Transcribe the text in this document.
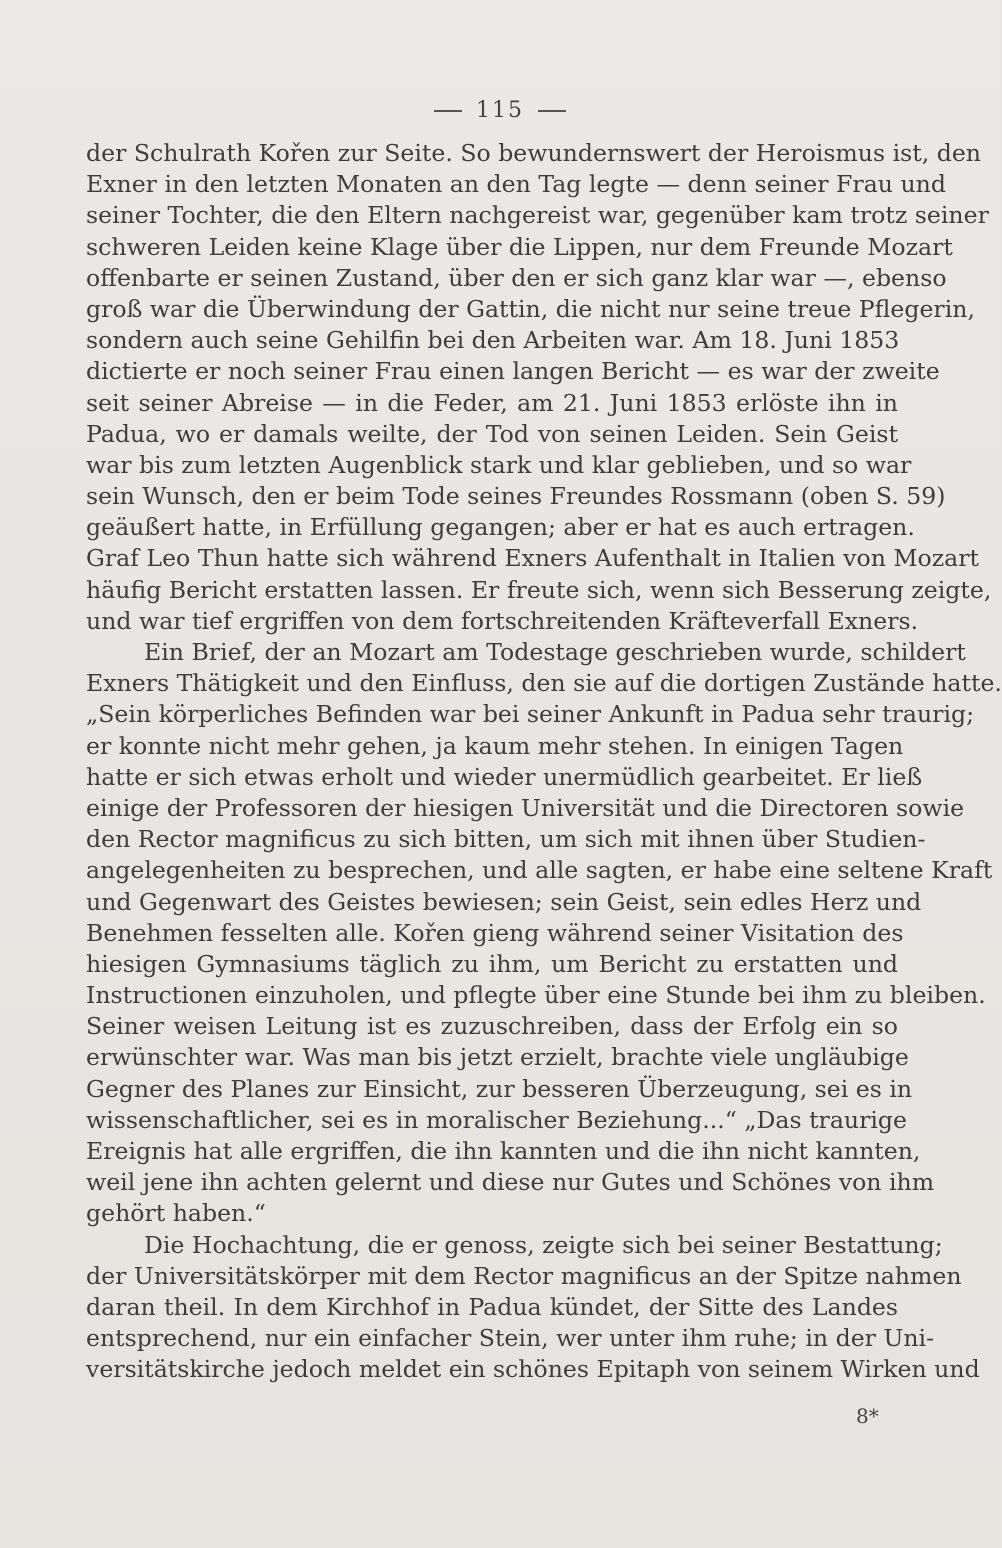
115
der Schulrath Kořen zur Seite. So bewundernswert der Heroismus ist, den
Exner in den letzten Monaten an den Tag legte — denn seiner Frau und
seiner Tochter, die den Eltern nachgereist war, gegenüber kam trotz seiner
schweren Leiden keine Klage über die Lippen, nur dem Freunde Mozart
offenbarte er seinen Zustand, über den er sich ganz klar war —, ebenso
groß war die Überwindung der Gattin, die nicht nur seine treue Pflegerin,
sondern auch seine Gehilfin bei den Arbeiten war. Am 18. Juni 1853
dictierte er noch seiner Frau einen langen Bericht — es war der zweite
seit seiner Abreise — in die Feder, am 21. Juni 1853 erlöste ihn in
Padua, wo er damals weilte, der Tod von seinen Leiden. Sein Geist
war bis zum letzten Augenblick stark und klar geblieben, und so war
sein Wunsch, den er beim Tode seines Freundes Rossmann (oben S. 59)
geäußert hatte, in Erfüllung gegangen; aber er hat es auch ertragen.
Graf Leo Thun hatte sich während Exners Aufenthalt in Italien von Mozart
häufig Bericht erstatten lassen. Er freute sich, wenn sich Besserung zeigte,
und war tief ergriffen von dem fortschreitenden Kräfteverfall Exners.
Ein Brief, der an Mozart am Todestage geschrieben wurde, schildert
Exners Thätigkeit und den Einfluss, den sie auf die dortigen Zustände hatte.
„Sein körperliches Befinden war bei seiner Ankunft in Padua sehr traurig;
er konnte nicht mehr gehen, ja kaum mehr stehen. In einigen Tagen
hatte er sich etwas erholt und wieder unermüdlich gearbeitet. Er ließ
einige der Professoren der hiesigen Universität und die Directoren sowie
den Rector magnificus zu sich bitten, um sich mit ihnen über Studien-
angelegenheiten zu besprechen, und alle sagten, er habe eine seltene Kraft
und Gegenwart des Geistes bewiesen; sein Geist, sein edles Herz und
Benehmen fesselten alle. Kořen gieng während seiner Visitation des
hiesigen Gymnasiums täglich zu ihm, um Bericht zu erstatten und
Instructionen einzuholen, und pflegte über eine Stunde bei ihm zu bleiben.
Seiner weisen Leitung ist es zuzuschreiben, dass der Erfolg ein so
erwünschter war. Was man bis jetzt erzielt, brachte viele ungläubige
Gegner des Planes zur Einsicht, zur besseren Überzeugung, sei es in
wissenschaftlicher, sei es in moralischer Beziehung...“ „Das traurige
Ereignis hat alle ergriffen, die ihn kannten und die ihn nicht kannten,
weil jene ihn achten gelernt und diese nur Gutes und Schönes von ihm
gehört haben.“
Die Hochachtung, die er genoss, zeigte sich bei seiner Bestattung;
der Universitätskörper mit dem Rector magnificus an der Spitze nahmen
daran theil. In dem Kirchhof in Padua kündet, der Sitte des Landes
entsprechend, nur ein einfacher Stein, wer unter ihm ruhe; in der Uni-
versitätskirche jedoch meldet ein schönes Epitaph von seinem Wirken und
8*
